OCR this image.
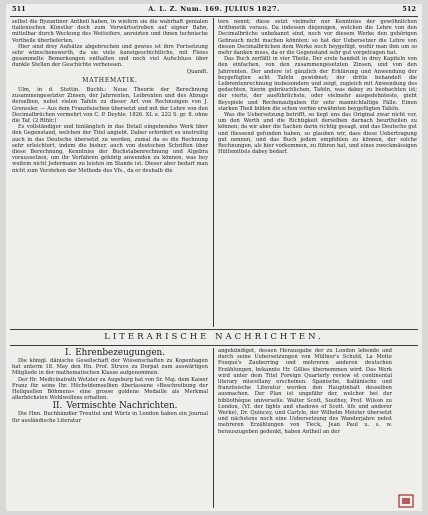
511	A. L. Z. Num. 169. JULIUS 1827.	512

selbst die Byzantiner Antheil haben, in wiefern sie die wahrhaft genialen italienischen Künstler doch zum Vorwärtsstreben auf eigner Bahn, mittelbar durch Weckung des Wetteifers, anreizten und ihnen technische Vortheile überlieferten.

Hier sind drey Aufsätze abgebrochen und gewiss ist ihre Fortsetzung sehr wünschenswerth, da sie viele kunstgeschichtliche, mit Fleiss gesammelte Bemerkungen enthalten und noch viel Aufschluss über dunkle Stellen der Geschichte verheissen.

Quandt.

MATHEMATIK.

Ulm, in d. Stettin. Buchh.: Neue Theorie der Berechnung zusammengesetzter Zinsen, der Jahrrenten, Leibrenten und des Abzugs derselben, nebst vielen Tafeln zu dieser Art von Rechnungen von J. Grenssler. — Aus dem Französischen übersetzt und mit der Lehre von den Decimalbrüchen vermehrt von C. P. Deyhle. 1826. XL u. 222 S. gr. 8. ohne die Taf. (2 Rthlr.)

Es vollständiger und hinlänglich in das Detail eingehendes Werk über den Gegenstand, welchen der Titel angiebt. Daher erfordert es unstreitig auch in das Deutsche übersetzt zu werden, zumal da es die Rechnung sehr erleichtert, indem die bisher, auch von deutschen Schriften über diese Berechnung, Kenntniss der Buchstabenrechnung und Algebra voraussetzen, um ihr Verfahren gehörig anwenden zu können, was bey weitem nicht Jedermann zu leisten im Stande ist. Dieser aber bedarf man nicht zum Verstehen der Methode des Vfs., da er deshalb die

tere nennt; diese setzt vielmehr nur Kenntniss der gewöhnlichen Arithmetik voraus. Da indessen diejenigen, welchen die Lehre von den Decimalbrüche unbekannt sind, noch vor diesem Werke den gehörigen Gebrauch nicht machen könnten: so hat der Uebersetzer die Lehre von diesen Decimalbrüchen dem Werke noch beygefügt, wofür man ihm um so mehr danken muss, da er die Gegenstand sehr gut vorgetragen hat.

Das Buch zerfällt in vier Theile. Der erste handelt in drey Kapiteln von den einfachen, von den zusammengesetzten Zinsen, und von den Jahrrenten. Der andere ist gänzlich der Erklärung und Anwendung der beygefügten acht Tafeln gewidmet; der dritte behandelt die Leibrentenrechnung insbesondere und zeigt, zugleich mit Anwendung des gedachten, hierin gebräuchlichen, Tafeln, was dabey zu beobachten ist; der vierte, der ausführlichste, oder vielmehr ausgedehnteste, giebt Beyspiele und Rechenaufgaben für sehr mannichfaltige Fälle. Einen starken Theil bilden die schon vorhin erwähnten beygefügten Tafeln.

Was die Uebersetzung betrifft, so liegt uns das Original zwar nicht vor, um den Werth und die Richtigkeit derselben darnach beurtheilen zu können; da wir aber die Sachen darin richtig gesagt, und das Deutsche gut und fliessend gefunden haben, so glauben wir, dass diese Uebertragung gut nennen, und das Buch jedem empfehlen zu können, der solche Rechnungen, als hier vorkommen, zu führen hat, und eines zweckmässigen Hülfsmittels dabey bedarf.

LITERARISCHE NACHRICHTEN.

I. Ehrenbezeugungen.

Die königl. dänische Gesellschaft der Wissenschaften zu Kopenhagen hat unterm 18. May den Hn. Prof. Struve zu Dorpat zum auswärtigen Mitgliede in der mathematischen Klasse aufgenommen.

Der Hr. Medicinalrath Wetzler zu Augsburg hat von Sr. Maj. dem Kaiser Franz für seine Ihr. Höchstdemselben überlassene »Beschreibung der Heilquellen Böhmens« eine grosse goldene Medaille als Merkmal allerhöchsten Wohlwollens erhalten.

II. Vermischte Nachrichten.

Die Hnn. Buchhändler Treuttel und Würtz in London haben ein Journal für ausländische Literatur

angekündiget, dessen Herausgabe der zu London lebende und durch seine Uebersetzungen von Müllner's Schuld, La Motte Fouqué's Zauberring und mehreren anderen deutschen Erzählungen, bekannte Hr. Gillies übernommen wird. Das Werk wird unter dem Titel Foreign Quarterly review et continental literary miscellany erscheinen. Spanische, italiänische und französische Literatur werden den Hauptinhalt desselben ausmachen. Der Plan ist ungefähr der, welcher bei der bibliothèque universelle. Walter Scott, Southey, Prof. Wilson zu London, (Vf. der lights and shadows of Scott. life und anderer Werke), Dr. Quincey, und Carlyle, der Wilhelm Meister übersetzt und nächstens noch eine Uebersetzung des Wanderjahre nebst mehreren Erzählungen von Tieck, Jean Paul u. s. w. herauszugeben gedenkt, haben Antheil an der
